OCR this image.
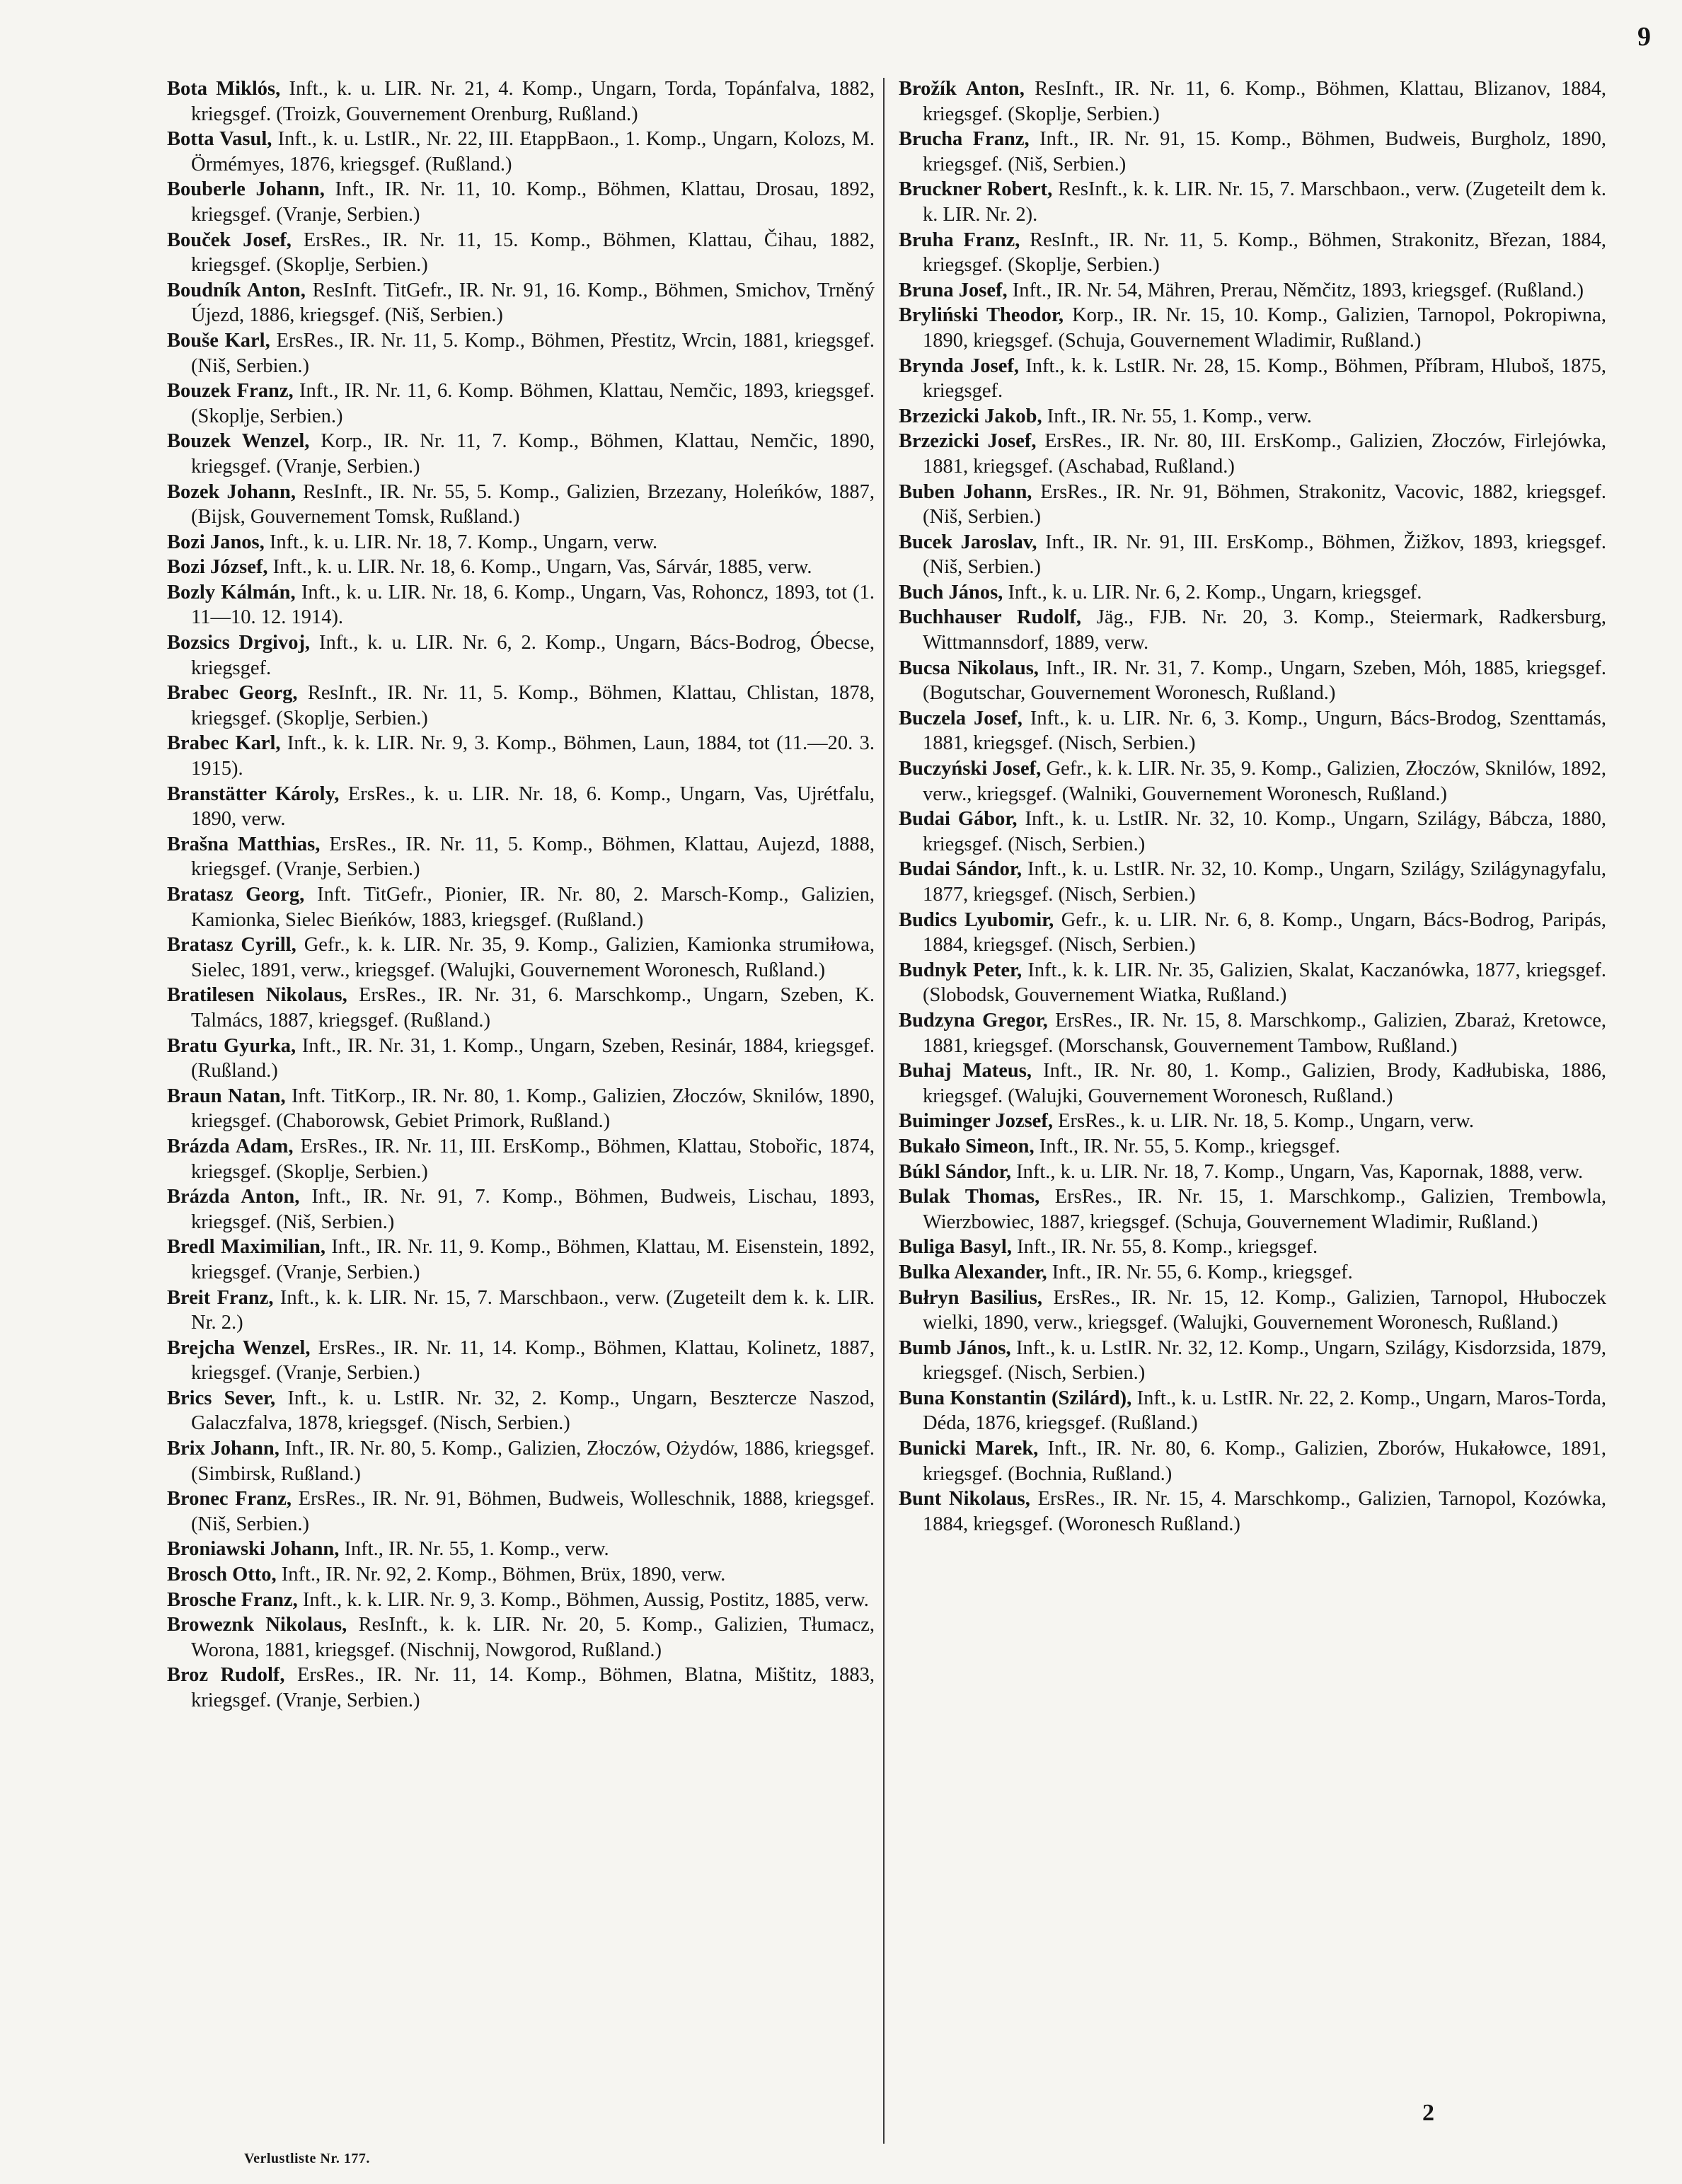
9
Bota Miklós, Inft., k. u. LIR. Nr. 21, 4. Komp., Ungarn, Torda, Topánfalva, 1882, kriegsgef. (Troizk, Gouvernement Orenburg, Rußland.)
Botta Vasul, Inft., k. u. LstIR., Nr. 22, III. EtappBaon., 1. Komp., Ungarn, Kolozs, M. Örmémyes, 1876, kriegsgef. (Rußland.)
Bouberle Johann, Inft., IR. Nr. 11, 10. Komp., Böhmen, Klattau, Drosau, 1892, kriegsgef. (Vranje, Serbien.)
Bouček Josef, ErsRes., IR. Nr. 11, 15. Komp., Böhmen, Klattau, Čihau, 1882, kriegsgef. (Skoplje, Serbien.)
Boudník Anton, ResInft. TitGefr., IR. Nr. 91, 16. Komp., Böhmen, Smichov, Trněný Újezd, 1886, kriegsgef. (Niš, Serbien.)
Bouše Karl, ErsRes., IR. Nr. 11, 5. Komp., Böhmen, Přestitz, Wrcin, 1881, kriegsgef. (Niš, Serbien.)
Bouzek Franz, Inft., IR. Nr. 11, 6. Komp. Böhmen, Klattau, Nemčic, 1893, kriegsgef. (Skoplje, Serbien.)
Bouzek Wenzel, Korp., IR. Nr. 11, 7. Komp., Böhmen, Klattau, Nemčic, 1890, kriegsgef. (Vranje, Serbien.)
Bozek Johann, ResInft., IR. Nr. 55, 5. Komp., Galizien, Brzezany, Holeńków, 1887, (Bijsk, Gouvernement Tomsk, Rußland.)
Bozi Janos, Inft., k. u. LIR. Nr. 18, 7. Komp., Ungarn, verw.
Bozi József, Inft., k. u. LIR. Nr. 18, 6. Komp., Ungarn, Vas, Sárvár, 1885, verw.
Bozly Kálmán, Inft., k. u. LIR. Nr. 18, 6. Komp., Ungarn, Vas, Rohoncz, 1893, tot (1. 11—10. 12. 1914).
Bozsics Drgivoj, Inft., k. u. LIR. Nr. 6, 2. Komp., Ungarn, Bács-Bodrog, Óbecse, kriegsgef.
Brabec Georg, ResInft., IR. Nr. 11, 5. Komp., Böhmen, Klattau, Chlistan, 1878, kriegsgef. (Skoplje, Serbien.)
Brabec Karl, Inft., k. k. LIR. Nr. 9, 3. Komp., Böhmen, Laun, 1884, tot (11.—20. 3. 1915).
Branstätter Károly, ErsRes., k. u. LIR. Nr. 18, 6. Komp., Ungarn, Vas, Ujrétfalu, 1890, verw.
Brašna Matthias, ErsRes., IR. Nr. 11, 5. Komp., Böhmen, Klattau, Aujezd, 1888, kriegsgef. (Vranje, Serbien.)
Bratasz Georg, Inft. TitGefr., Pionier, IR. Nr. 80, 2. Marsch-Komp., Galizien, Kamionka, Sielec Bieńków, 1883, kriegsgef. (Rußland.)
Bratasz Cyrill, Gefr., k. k. LIR. Nr. 35, 9. Komp., Galizien, Kamionka strumiłowa, Sielec, 1891, verw., kriegsgef. (Walujki, Gouvernement Woronesch, Rußland.)
Bratilesen Nikolaus, ErsRes., IR. Nr. 31, 6. Marschkomp., Ungarn, Szeben, K. Talmács, 1887, kriegsgef. (Rußland.)
Bratu Gyurka, Inft., IR. Nr. 31, 1. Komp., Ungarn, Szeben, Resinár, 1884, kriegsgef. (Rußland.)
Braun Natan, Inft. TitKorp., IR. Nr. 80, 1. Komp., Galizien, Złoczów, Sknilów, 1890, kriegsgef. (Chaborowsk, Gebiet Primork, Rußland.)
Brázda Adam, ErsRes., IR. Nr. 11, III. ErsKomp., Böhmen, Klattau, Stobořic, 1874, kriegsgef. (Skoplje, Serbien.)
Brázda Anton, Inft., IR. Nr. 91, 7. Komp., Böhmen, Budweis, Lischau, 1893, kriegsgef. (Niš, Serbien.)
Bredl Maximilian, Inft., IR. Nr. 11, 9. Komp., Böhmen, Klattau, M. Eisenstein, 1892, kriegsgef. (Vranje, Serbien.)
Breit Franz, Inft., k. k. LIR. Nr. 15, 7. Marschbaon., verw. (Zugeteilt dem k. k. LIR. Nr. 2.)
Brejcha Wenzel, ErsRes., IR. Nr. 11, 14. Komp., Böhmen, Klattau, Kolinetz, 1887, kriegsgef. (Vranje, Serbien.)
Brics Sever, Inft., k. u. LstIR. Nr. 32, 2. Komp., Ungarn, Besztercze Naszod, Galaczfalva, 1878, kriegsgef. (Nisch, Serbien.)
Brix Johann, Inft., IR. Nr. 80, 5. Komp., Galizien, Złoczów, Ożydów, 1886, kriegsgef. (Simbirsk, Rußland.)
Bronec Franz, ErsRes., IR. Nr. 91, Böhmen, Budweis, Wolleschnik, 1888, kriegsgef. (Niš, Serbien.)
Broniawski Johann, Inft., IR. Nr. 55, 1. Komp., verw.
Brosch Otto, Inft., IR. Nr. 92, 2. Komp., Böhmen, Brüx, 1890, verw.
Brosche Franz, Inft., k. k. LIR. Nr. 9, 3. Komp., Böhmen, Aussig, Postitz, 1885, verw.
Broweznk Nikolaus, ResInft., k. k. LIR. Nr. 20, 5. Komp., Galizien, Tłumacz, Worona, 1881, kriegsgef. (Nischnij, Nowgorod, Rußland.)
Broz Rudolf, ErsRes., IR. Nr. 11, 14. Komp., Böhmen, Blatna, Mištitz, 1883, kriegsgef. (Vranje, Serbien.)
Brožík Anton, ResInft., IR. Nr. 11, 6. Komp., Böhmen, Klattau, Blizanov, 1884, kriegsgef. (Skoplje, Serbien.)
Brucha Franz, Inft., IR. Nr. 91, 15. Komp., Böhmen, Budweis, Burgholz, 1890, kriegsgef. (Niš, Serbien.)
Bruckner Robert, ResInft., k. k. LIR. Nr. 15, 7. Marschbaon., verw. (Zugeteilt dem k. k. LIR. Nr. 2).
Bruha Franz, ResInft., IR. Nr. 11, 5. Komp., Böhmen, Strakonitz, Březan, 1884, kriegsgef. (Skoplje, Serbien.)
Bruna Josef, Inft., IR. Nr. 54, Mähren, Prerau, Němčitz, 1893, kriegsgef. (Rußland.)
Bryliński Theodor, Korp., IR. Nr. 15, 10. Komp., Galizien, Tarnopol, Pokropiwna, 1890, kriegsgef. (Schuja, Gouvernement Wladimir, Rußland.)
Brynda Josef, Inft., k. k. LstIR. Nr. 28, 15. Komp., Böhmen, Příbram, Hluboš, 1875, kriegsgef.
Brzezicki Jakob, Inft., IR. Nr. 55, 1. Komp., verw.
Brzezicki Josef, ErsRes., IR. Nr. 80, III. ErsKomp., Galizien, Złoczów, Firlejówka, 1881, kriegsgef. (Aschabad, Rußland.)
Buben Johann, ErsRes., IR. Nr. 91, Böhmen, Strakonitz, Vacovic, 1882, kriegsgef. (Niš, Serbien.)
Bucek Jaroslav, Inft., IR. Nr. 91, III. ErsKomp., Böhmen, Žižkov, 1893, kriegsgef. (Niš, Serbien.)
Buch János, Inft., k. u. LIR. Nr. 6, 2. Komp., Ungarn, kriegsgef.
Buchhauser Rudolf, Jäg., FJB. Nr. 20, 3. Komp., Steiermark, Radkersburg, Wittmannsdorf, 1889, verw.
Bucsa Nikolaus, Inft., IR. Nr. 31, 7. Komp., Ungarn, Szeben, Mόh, 1885, kriegsgef. (Bogutschar, Gouvernement Woronesch, Rußland.)
Buczela Josef, Inft., k. u. LIR. Nr. 6, 3. Komp., Ungurn, Bács-Brodog, Szenttamás, 1881, kriegsgef. (Nisch, Serbien.)
Buczyński Josef, Gefr., k. k. LIR. Nr. 35, 9. Komp., Galizien, Złoczów, Sknilów, 1892, verw., kriegsgef. (Walniki, Gouvernement Woronesch, Rußland.)
Budai Gábor, Inft., k. u. LstIR. Nr. 32, 10. Komp., Ungarn, Szilágy, Bábcza, 1880, kriegsgef. (Nisch, Serbien.)
Budai Sándor, Inft., k. u. LstIR. Nr. 32, 10. Komp., Ungarn, Szilágy, Szilágynagyfalu, 1877, kriegsgef. (Nisch, Serbien.)
Budics Lyubomir, Gefr., k. u. LIR. Nr. 6, 8. Komp., Ungarn, Bács-Bodrog, Paripás, 1884, kriegsgef. (Nisch, Serbien.)
Budnyk Peter, Inft., k. k. LIR. Nr. 35, Galizien, Skalat, Kaczanówka, 1877, kriegsgef. (Slobodsk, Gouvernement Wiatka, Rußland.)
Budzyna Gregor, ErsRes., IR. Nr. 15, 8. Marschkomp., Galizien, Zbaraż, Kretowce, 1881, kriegsgef. (Morschansk, Gouvernement Tambow, Rußland.)
Buhaj Mateus, Inft., IR. Nr. 80, 1. Komp., Galizien, Brody, Kadłubiska, 1886, kriegsgef. (Walujki, Gouvernement Woronesch, Rußland.)
Buiminger Jozsef, ErsRes., k. u. LIR. Nr. 18, 5. Komp., Ungarn, verw.
Bukało Simeon, Inft., IR. Nr. 55, 5. Komp., kriegsgef.
Búkl Sándor, Inft., k. u. LIR. Nr. 18, 7. Komp., Ungarn, Vas, Kapornak, 1888, verw.
Bulak Thomas, ErsRes., IR. Nr. 15, 1. Marschkomp., Galizien, Trembowla, Wierzbowiec, 1887, kriegsgef. (Schuja, Gouvernement Wladimir, Rußland.)
Buliga Basyl, Inft., IR. Nr. 55, 8. Komp., kriegsgef.
Bulka Alexander, Inft., IR. Nr. 55, 6. Komp., kriegsgef.
Bułryn Basilius, ErsRes., IR. Nr. 15, 12. Komp., Galizien, Tarnopol, Hłuboczek wielki, 1890, verw., kriegsgef. (Walujki, Gouvernement Woronesch, Rußland.)
Bumb János, Inft., k. u. LstIR. Nr. 32, 12. Komp., Ungarn, Szilágy, Kisdorzsida, 1879, kriegsgef. (Nisch, Serbien.)
Buna Konstantin (Szilárd), Inft., k. u. LstIR. Nr. 22, 2. Komp., Ungarn, Maros-Torda, Déda, 1876, kriegsgef. (Rußland.)
Bunicki Marek, Inft., IR. Nr. 80, 6. Komp., Galizien, Zborów, Hukałowce, 1891, kriegsgef. (Bochnia, Rußland.)
Bunt Nikolaus, ErsRes., IR. Nr. 15, 4. Marschkomp., Galizien, Tarnopol, Kozówka, 1884, kriegsgef. (Woronesch Rußland.)
Verlustliste Nr. 177.
2
